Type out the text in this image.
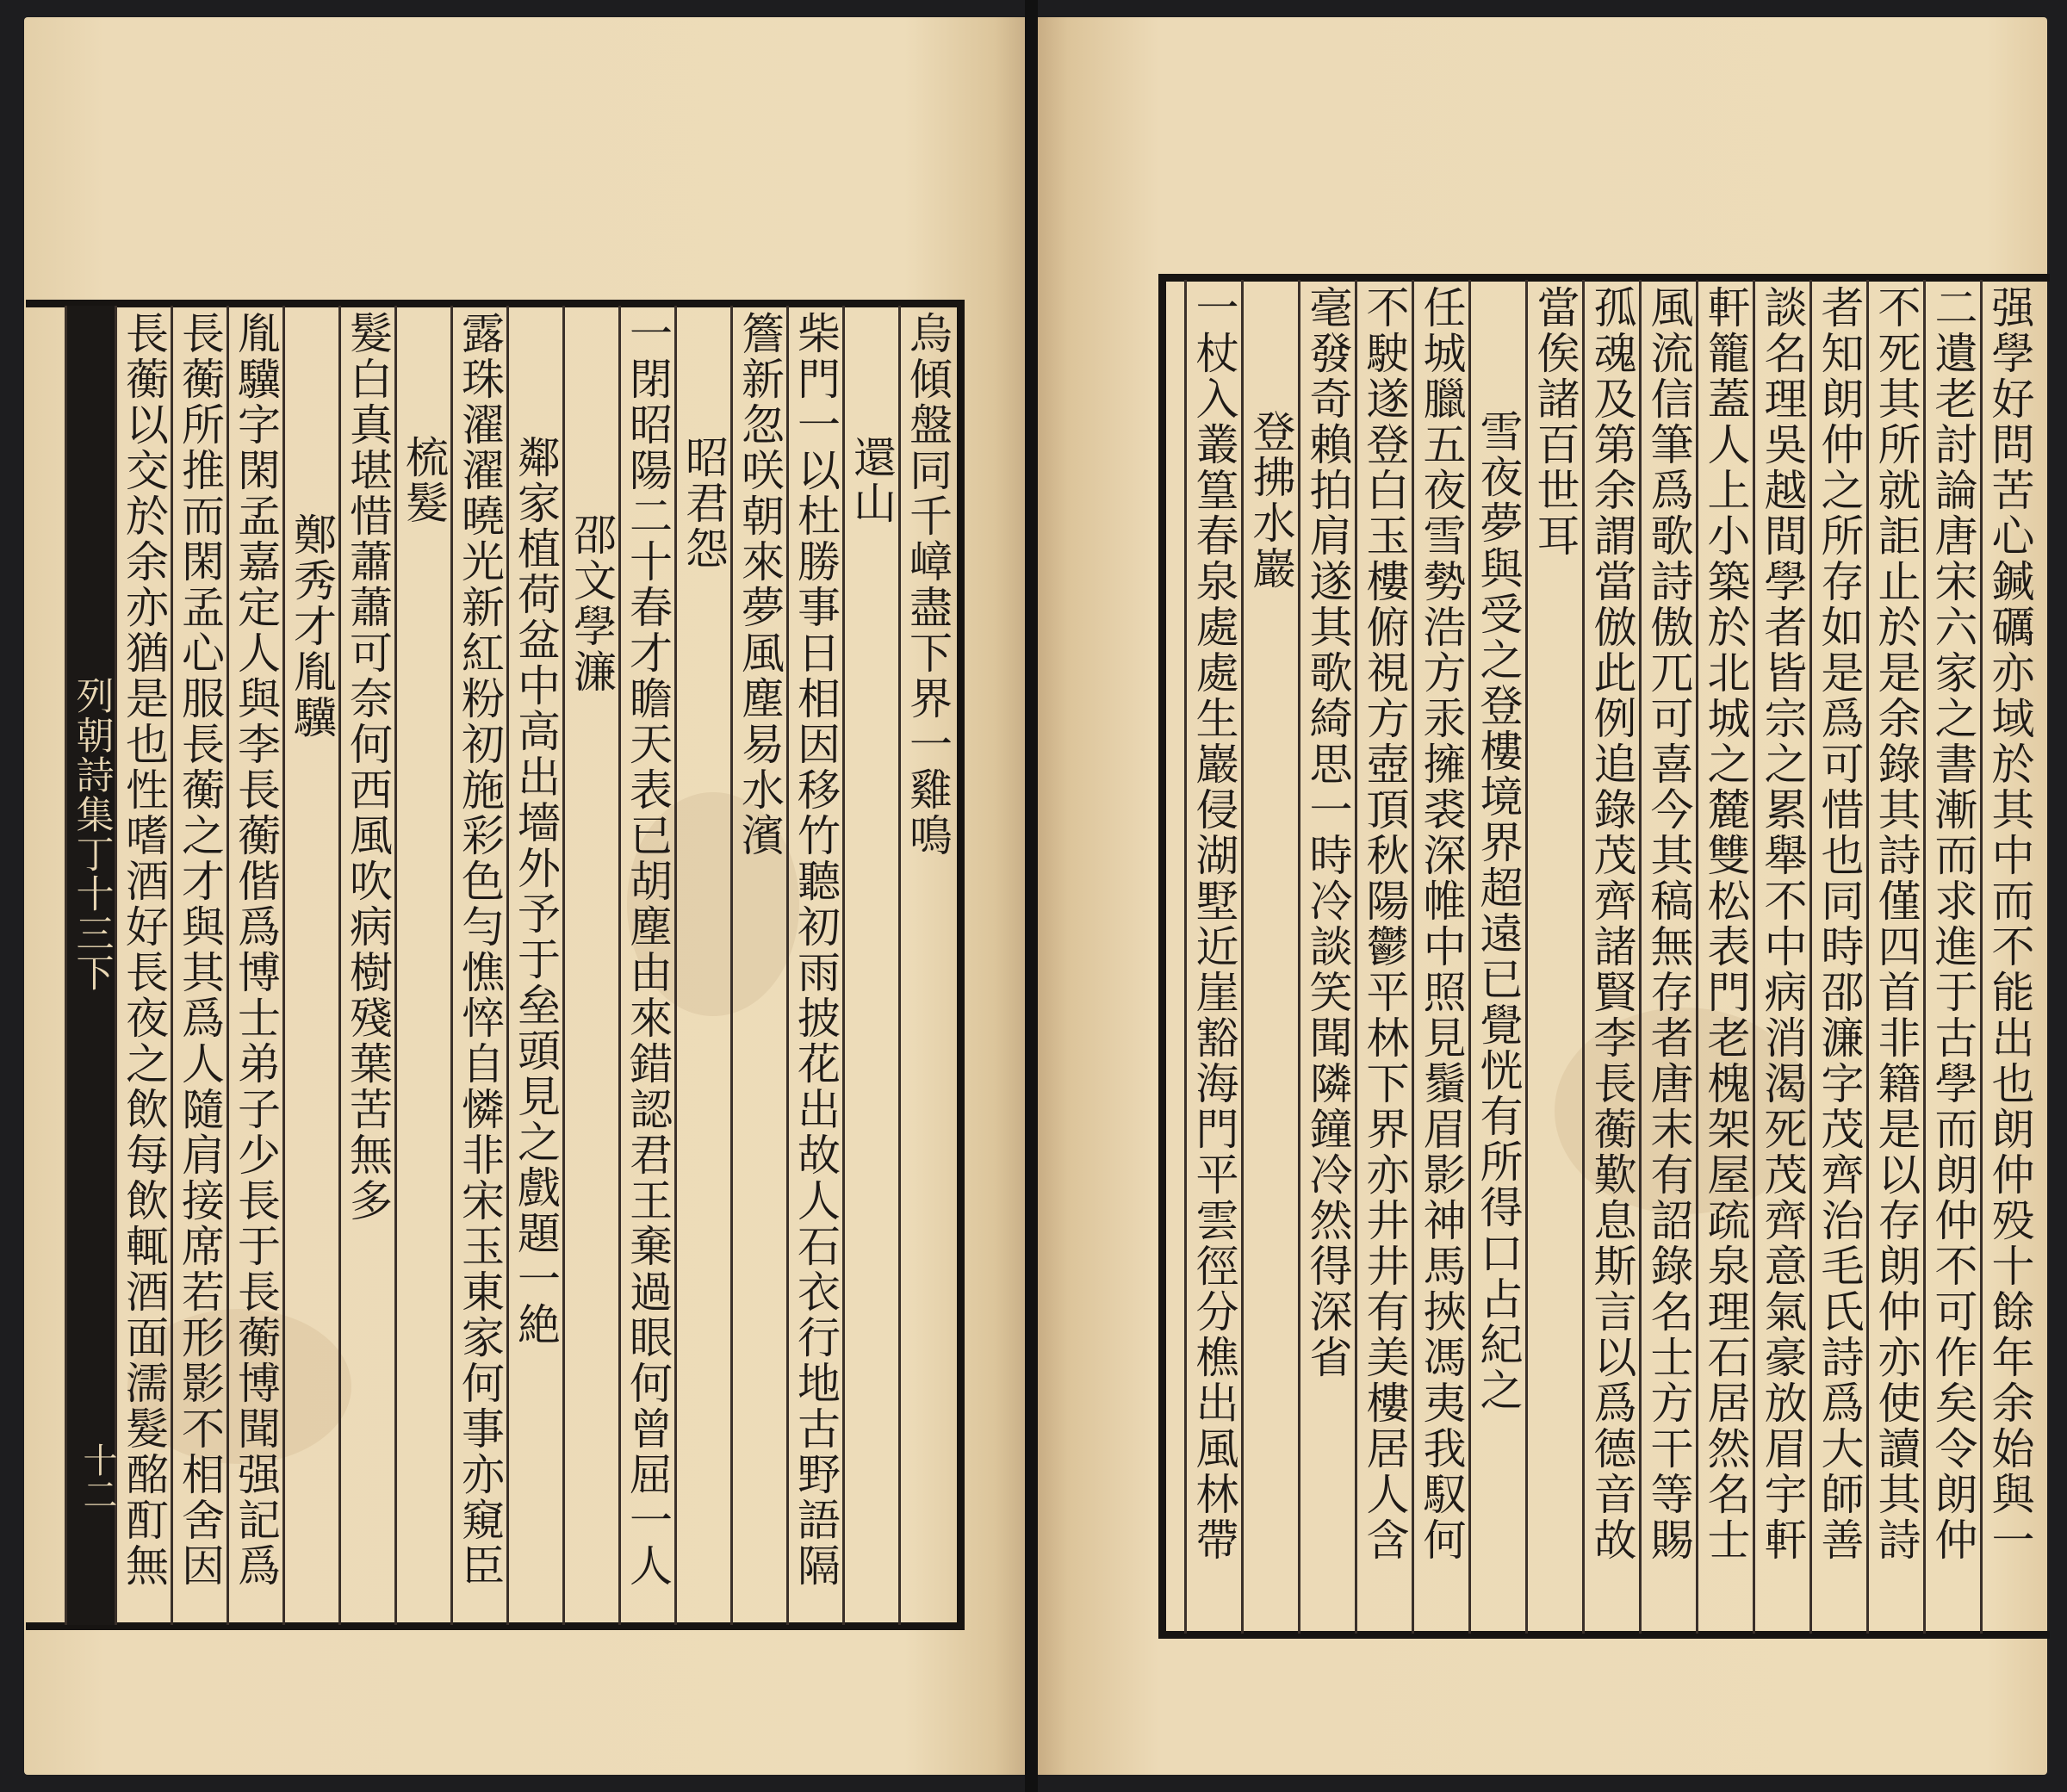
烏傾盤同千嶂盡下界一雞鳴
還山
柴門一以杜勝事日相因移竹聽初雨披花出故人石衣行地古野語隔
簷新忽咲朝來夢風塵易水濱
昭君怨
一閉昭陽二十春才瞻天表已胡塵由來錯認君王棄過眼何曾屈一人
邵文學濂
鄰家植荷盆中高出墻外予于垒頭見之戲題一絶
露珠濯濯曉光新紅粉初施彩色勻憔悴自憐非宋玉東家何事亦窺臣
梳髮
髮白真堪惜蕭蕭可奈何西風吹病樹殘葉苦無多
鄭秀才胤驥
胤驥字閑孟嘉定人與李長蘅偕爲博士弟子少長于長蘅博聞强記爲
長蘅所推而閑孟心服長蘅之才與其爲人隨肩接席若形影不相舍因
長蘅以交於余亦猶是也性嗜酒好長夜之飲每飲輒酒面濡髮酩酊無
列朝詩集丁十三下
十二	强學好問苦心鍼礪亦域於其中而不能出也朗仲殁十餘年余始與一
二遺老討論唐宋六家之書漸而求進于古學而朗仲不可作矣令朗仲
不死其所就詎止於是余錄其詩僅四首非籍是以存朗仲亦使讀其詩
者知朗仲之所存如是爲可惜也同時邵濂字茂齊治毛氏詩爲大師善
談名理吳越間學者皆宗之累舉不中病消渴死茂齊意氣豪放眉宇軒
軒籠蓋人上小築於北城之麓雙松表門老槐架屋疏泉理石居然名士
風流信筆爲歌詩傲兀可喜今其稿無存者唐末有詔錄名士方干等賜
孤魂及第余謂當倣此例追錄茂齊諸賢李長蘅歎息斯言以爲德音故
當俟諸百世耳
雪夜夢與受之登樓境界超遠已覺恍有所得口占紀之
任城臘五夜雪勢浩方汞擁裘深帷中照見鬚眉影神馬挾馮夷我馭何
不駛遂登白玉樓俯視方壺頂秋陽鬱平林下界亦井井有美樓居人含
毫發奇賴拍肩遂其歌綺思一時冷談笑聞隣鐘冷然得深省
登拂水巖
一杖入叢篁春泉處處生巖侵湖墅近崖豁海門平雲徑分樵出風林帶
